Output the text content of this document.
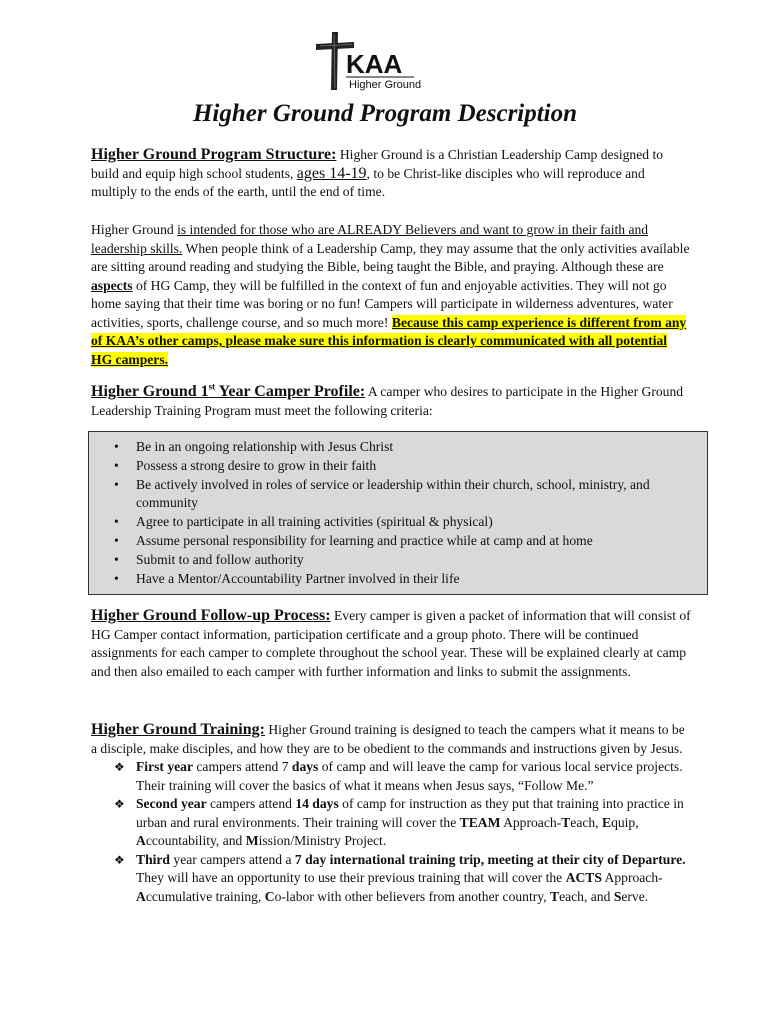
KAA
Higher Ground
Higher Ground Program Description
Higher Ground Program Structure: Higher Ground is a Christian Leadership Camp designed to build and equip high school students, ages 14-19, to be Christ-like disciples who will reproduce and multiply to the ends of the earth, until the end of time.
Higher Ground is intended for those who are ALREADY Believers and want to grow in their faith and leadership skills. When people think of a Leadership Camp, they may assume that the only activities available are sitting around reading and studying the Bible, being taught the Bible, and praying. Although these are aspects of HG Camp, they will be fulfilled in the context of fun and enjoyable activities. They will not go home saying that their time was boring or no fun! Campers will participate in wilderness adventures, water activities, sports, challenge course, and so much more! Because this camp experience is different from any of KAA’s other camps, please make sure this information is clearly communicated with all potential HG campers.
Higher Ground 1st Year Camper Profile: A camper who desires to participate in the Higher Ground Leadership Training Program must meet the following criteria:
• Be in an ongoing relationship with Jesus Christ
• Possess a strong desire to grow in their faith
• Be actively involved in roles of service or leadership within their church, school, ministry, and community
• Agree to participate in all training activities (spiritual & physical)
• Assume personal responsibility for learning and practice while at camp and at home
• Submit to and follow authority
• Have a Mentor/Accountability Partner involved in their life
Higher Ground Follow-up Process: Every camper is given a packet of information that will consist of HG Camper contact information, participation certificate and a group photo. There will be continued assignments for each camper to complete throughout the school year. These will be explained clearly at camp and then also emailed to each camper with further information and links to submit the assignments.
Higher Ground Training: Higher Ground training is designed to teach the campers what it means to be a disciple, make disciples, and how they are to be obedient to the commands and instructions given by Jesus.
❖ First year campers attend 7 days of camp and will leave the camp for various local service projects. Their training will cover the basics of what it means when Jesus says, “Follow Me.”
❖ Second year campers attend 14 days of camp for instruction as they put that training into practice in urban and rural environments. Their training will cover the TEAM Approach-Teach, Equip, Accountability, and Mission/Ministry Project.
❖ Third year campers attend a 7 day international training trip, meeting at their city of Departure. They will have an opportunity to use their previous training that will cover the ACTS Approach- Accumulative training, Co-labor with other believers from another country, Teach, and Serve.
